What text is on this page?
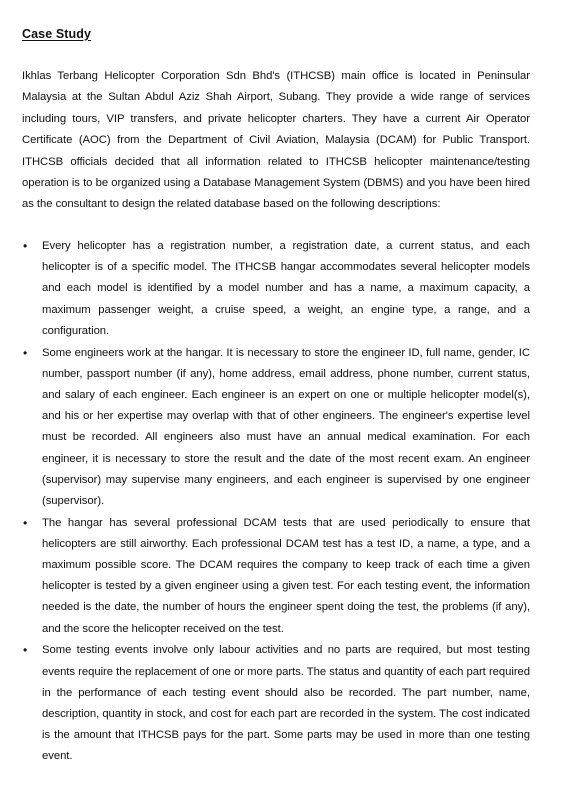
Case Study

Ikhlas Terbang Helicopter Corporation Sdn Bhd's (ITHCSB) main office is located in Peninsular Malaysia at the Sultan Abdul Aziz Shah Airport, Subang. They provide a wide range of services including tours, VIP transfers, and private helicopter charters. They have a current Air Operator Certificate (AOC) from the Department of Civil Aviation, Malaysia (DCAM) for Public Transport. ITHCSB officials decided that all information related to ITHCSB helicopter maintenance/testing operation is to be organized using a Database Management System (DBMS) and you have been hired as the consultant to design the related database based on the following descriptions:

• Every helicopter has a registration number, a registration date, a current status, and each helicopter is of a specific model. The ITHCSB hangar accommodates several helicopter models and each model is identified by a model number and has a name, a maximum capacity, a maximum passenger weight, a cruise speed, a weight, an engine type, a range, and a configuration.
• Some engineers work at the hangar. It is necessary to store the engineer ID, full name, gender, IC number, passport number (if any), home address, email address, phone number, current status, and salary of each engineer. Each engineer is an expert on one or multiple helicopter model(s), and his or her expertise may overlap with that of other engineers. The engineer's expertise level must be recorded. All engineers also must have an annual medical examination. For each engineer, it is necessary to store the result and the date of the most recent exam. An engineer (supervisor) may supervise many engineers, and each engineer is supervised by one engineer (supervisor).
• The hangar has several professional DCAM tests that are used periodically to ensure that helicopters are still airworthy. Each professional DCAM test has a test ID, a name, a type, and a maximum possible score. The DCAM requires the company to keep track of each time a given helicopter is tested by a given engineer using a given test. For each testing event, the information needed is the date, the number of hours the engineer spent doing the test, the problems (if any), and the score the helicopter received on the test.
• Some testing events involve only labour activities and no parts are required, but most testing events require the replacement of one or more parts. The status and quantity of each part required in the performance of each testing event should also be recorded. The part number, name, description, quantity in stock, and cost for each part are recorded in the system. The cost indicated is the amount that ITHCSB pays for the part. Some parts may be used in more than one testing event.
